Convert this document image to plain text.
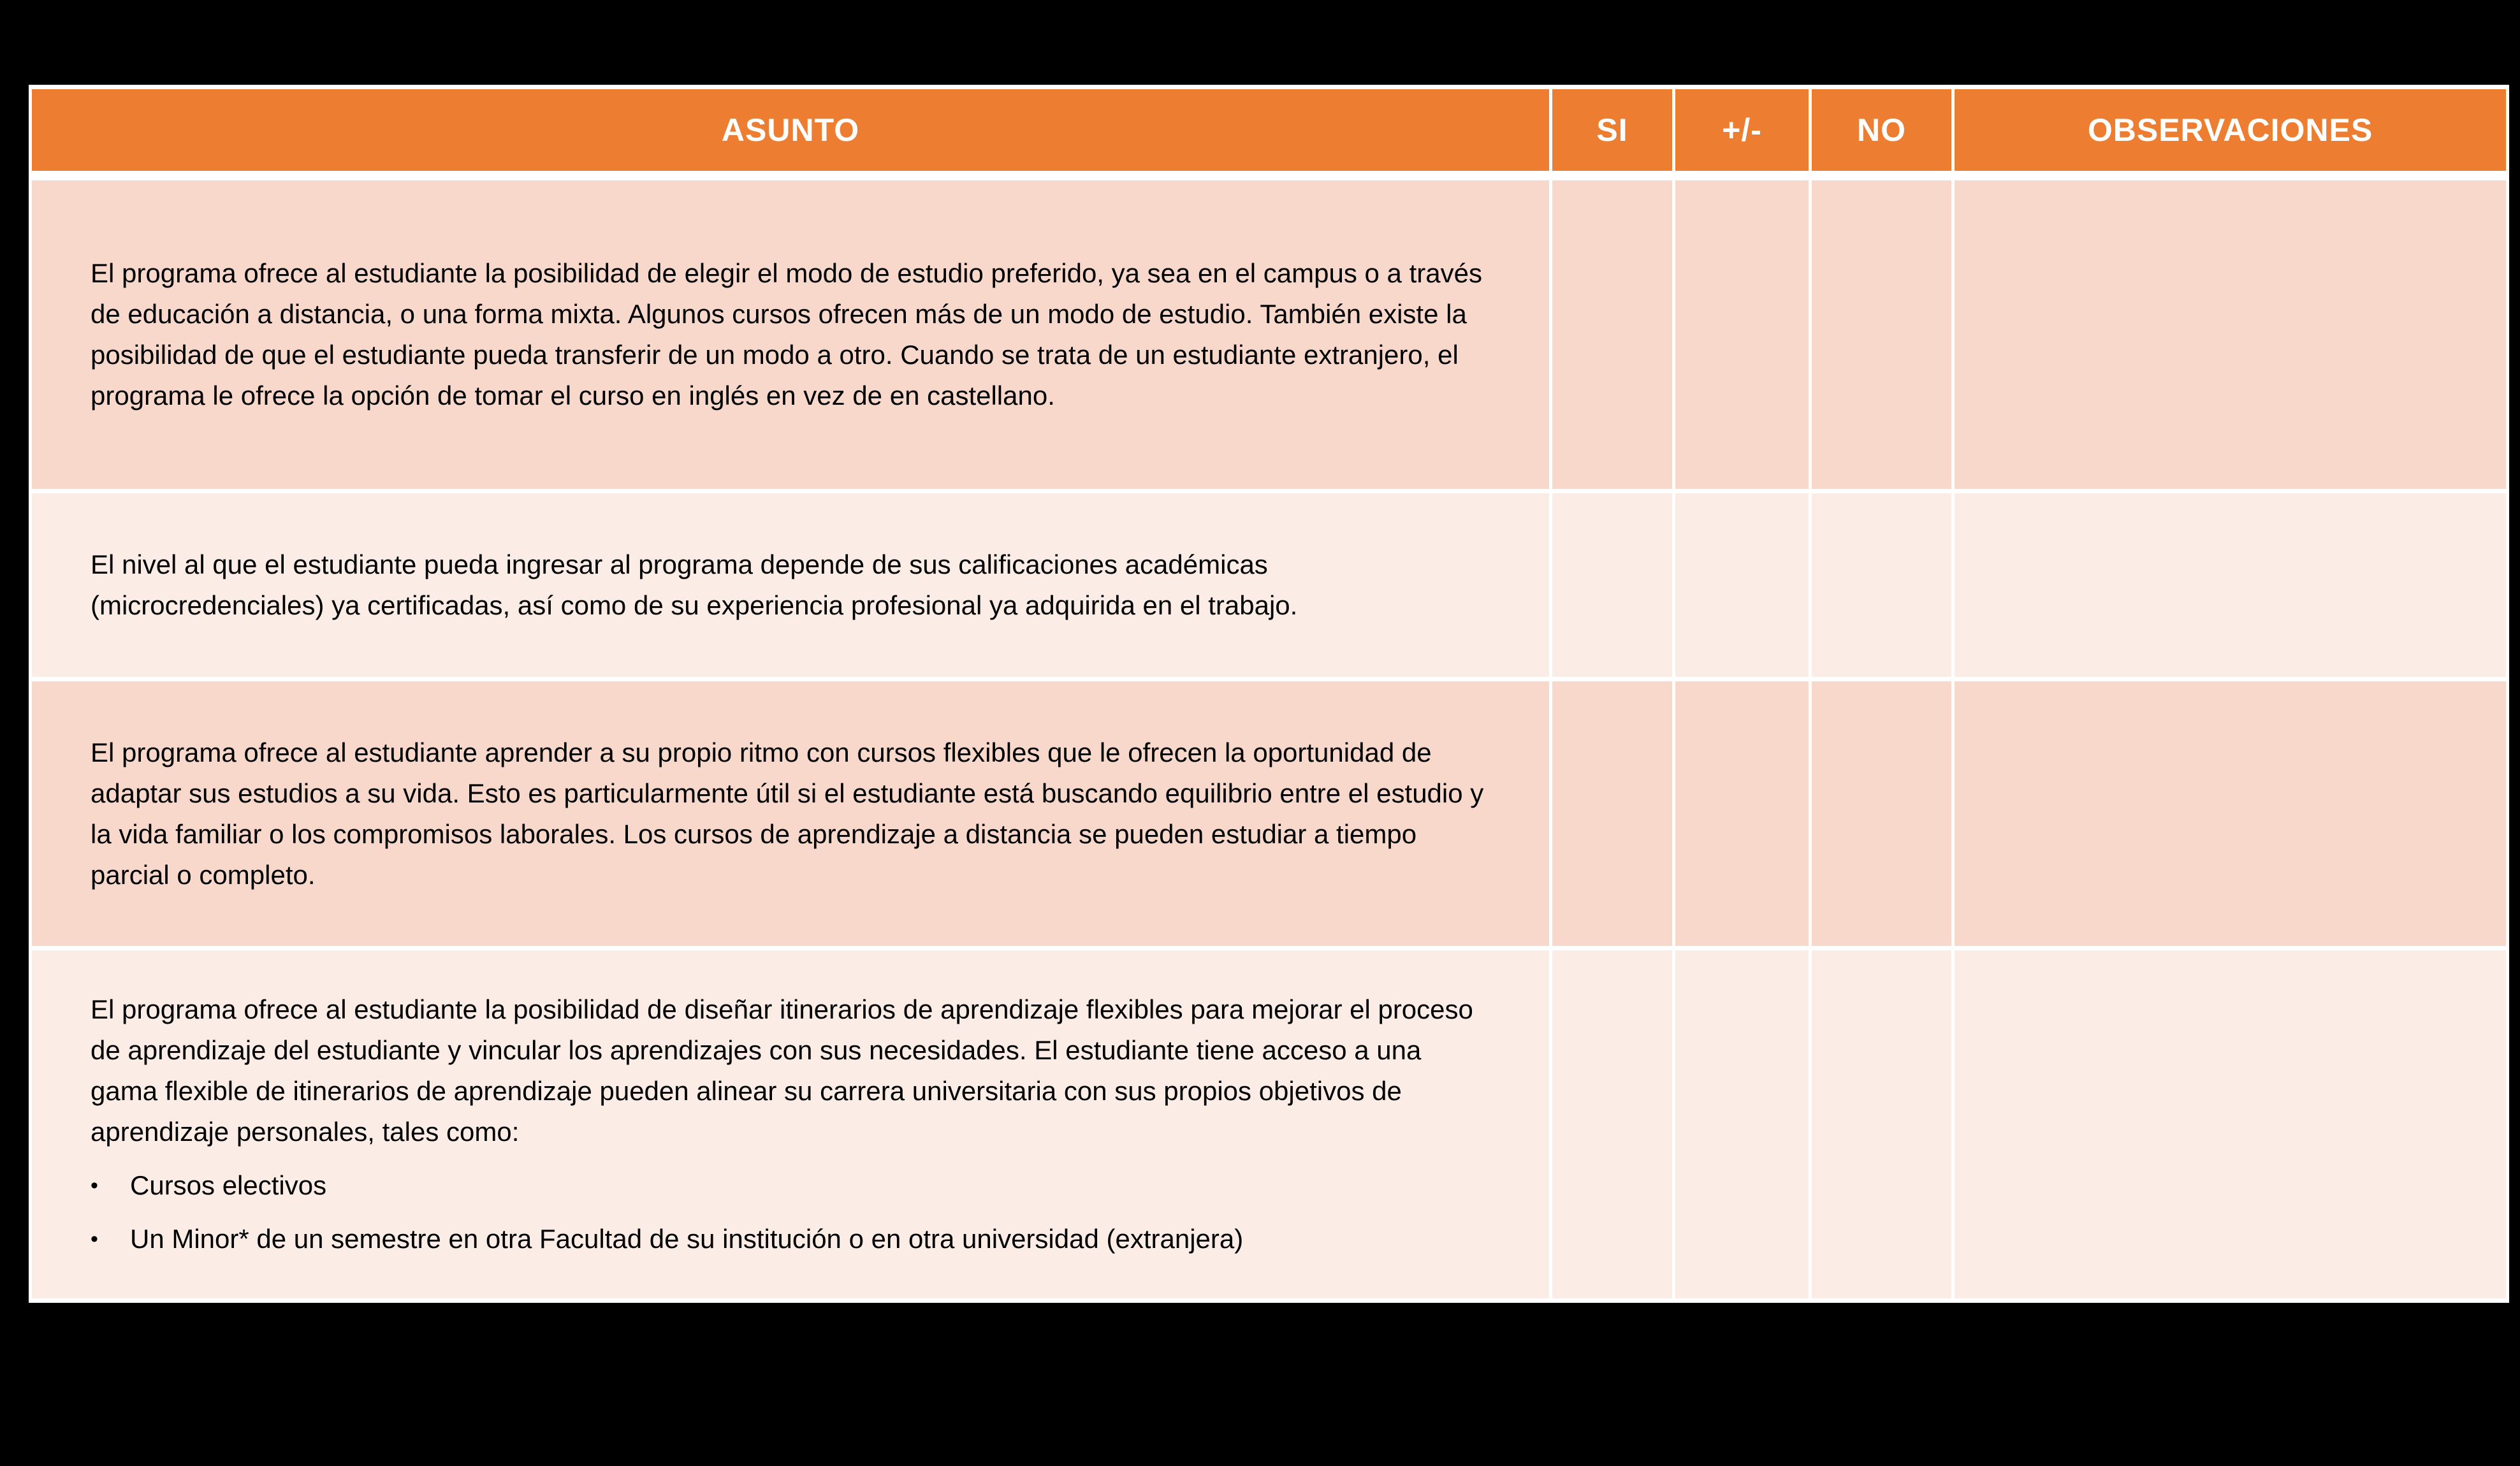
ASUNTO	SI	+/-	NO	OBSERVACIONES
El programa ofrece al estudiante la posibilidad de elegir el modo de estudio preferido, ya sea en el campus o a través de educación a distancia, o una forma mixta. Algunos cursos ofrecen más de un modo de estudio. También existe la posibilidad de que el estudiante pueda transferir de un modo a otro. Cuando se trata de un estudiante extranjero, el programa le ofrece la opción de tomar el curso en inglés en vez de en castellano.				
El nivel al que el estudiante pueda ingresar al programa depende de sus calificaciones académicas (microcredenciales) ya certificadas, así como de su experiencia profesional ya adquirida en el trabajo.				
El programa ofrece al estudiante aprender a su propio ritmo con cursos flexibles que le ofrecen la oportunidad de adaptar sus estudios a su vida. Esto es particularmente útil si el estudiante está buscando equilibrio entre el estudio y la vida familiar o los compromisos laborales. Los cursos de aprendizaje a distancia se pueden estudiar a tiempo parcial o completo.				

El programa ofrece al estudiante la posibilidad de diseñar itinerarios de aprendizaje flexibles para mejorar el proceso de aprendizaje del estudiante y vincular los aprendizajes con sus necesidades. El estudiante tiene acceso a una gama flexible de itinerarios de aprendizaje pueden alinear su carrera universitaria con sus propios objetivos de aprendizaje personales, tales como:
• Cursos electivos
• Un Minor* de un semestre en otra Facultad de su institución o en otra universidad (extranjera)				
